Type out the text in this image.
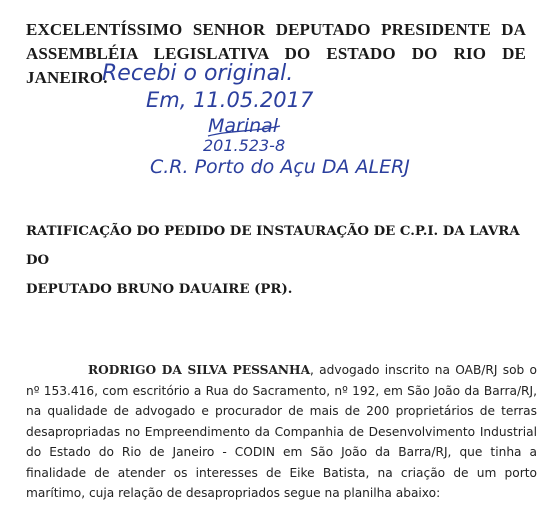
EXCELENTÍSSIMO SENHOR DEPUTADO PRESIDENTE DA
ASSEMBLÉIA LEGISLATIVA DO ESTADO DO RIO DE JANEIRO.
Recebi o original.
Em, 11.05.2017
Marinal
201.523-8
C.R. Porto do Açu DA ALERJ
RATIFICAÇÃO DO PEDIDO DE INSTAURAÇÃO DE C.P.I. DA LAVRA DO
DEPUTADO BRUNO DAUAIRE (PR).
RODRIGO DA SILVA PESSANHA, advogado inscrito na OAB/RJ sob o nº 153.416, com escritório a Rua do Sacramento, nº 192, em São João da Barra/RJ, na qualidade de advogado e procurador de mais de 200 proprietários de terras desapropriadas no Empreendimento da Companhia de Desenvolvimento Industrial do Estado do Rio de Janeiro - CODIN em São João da Barra/RJ, que tinha a finalidade de atender os interesses de Eike Batista, na criação de um porto marítimo, cuja relação de desapropriados segue na planilha abaixo:
